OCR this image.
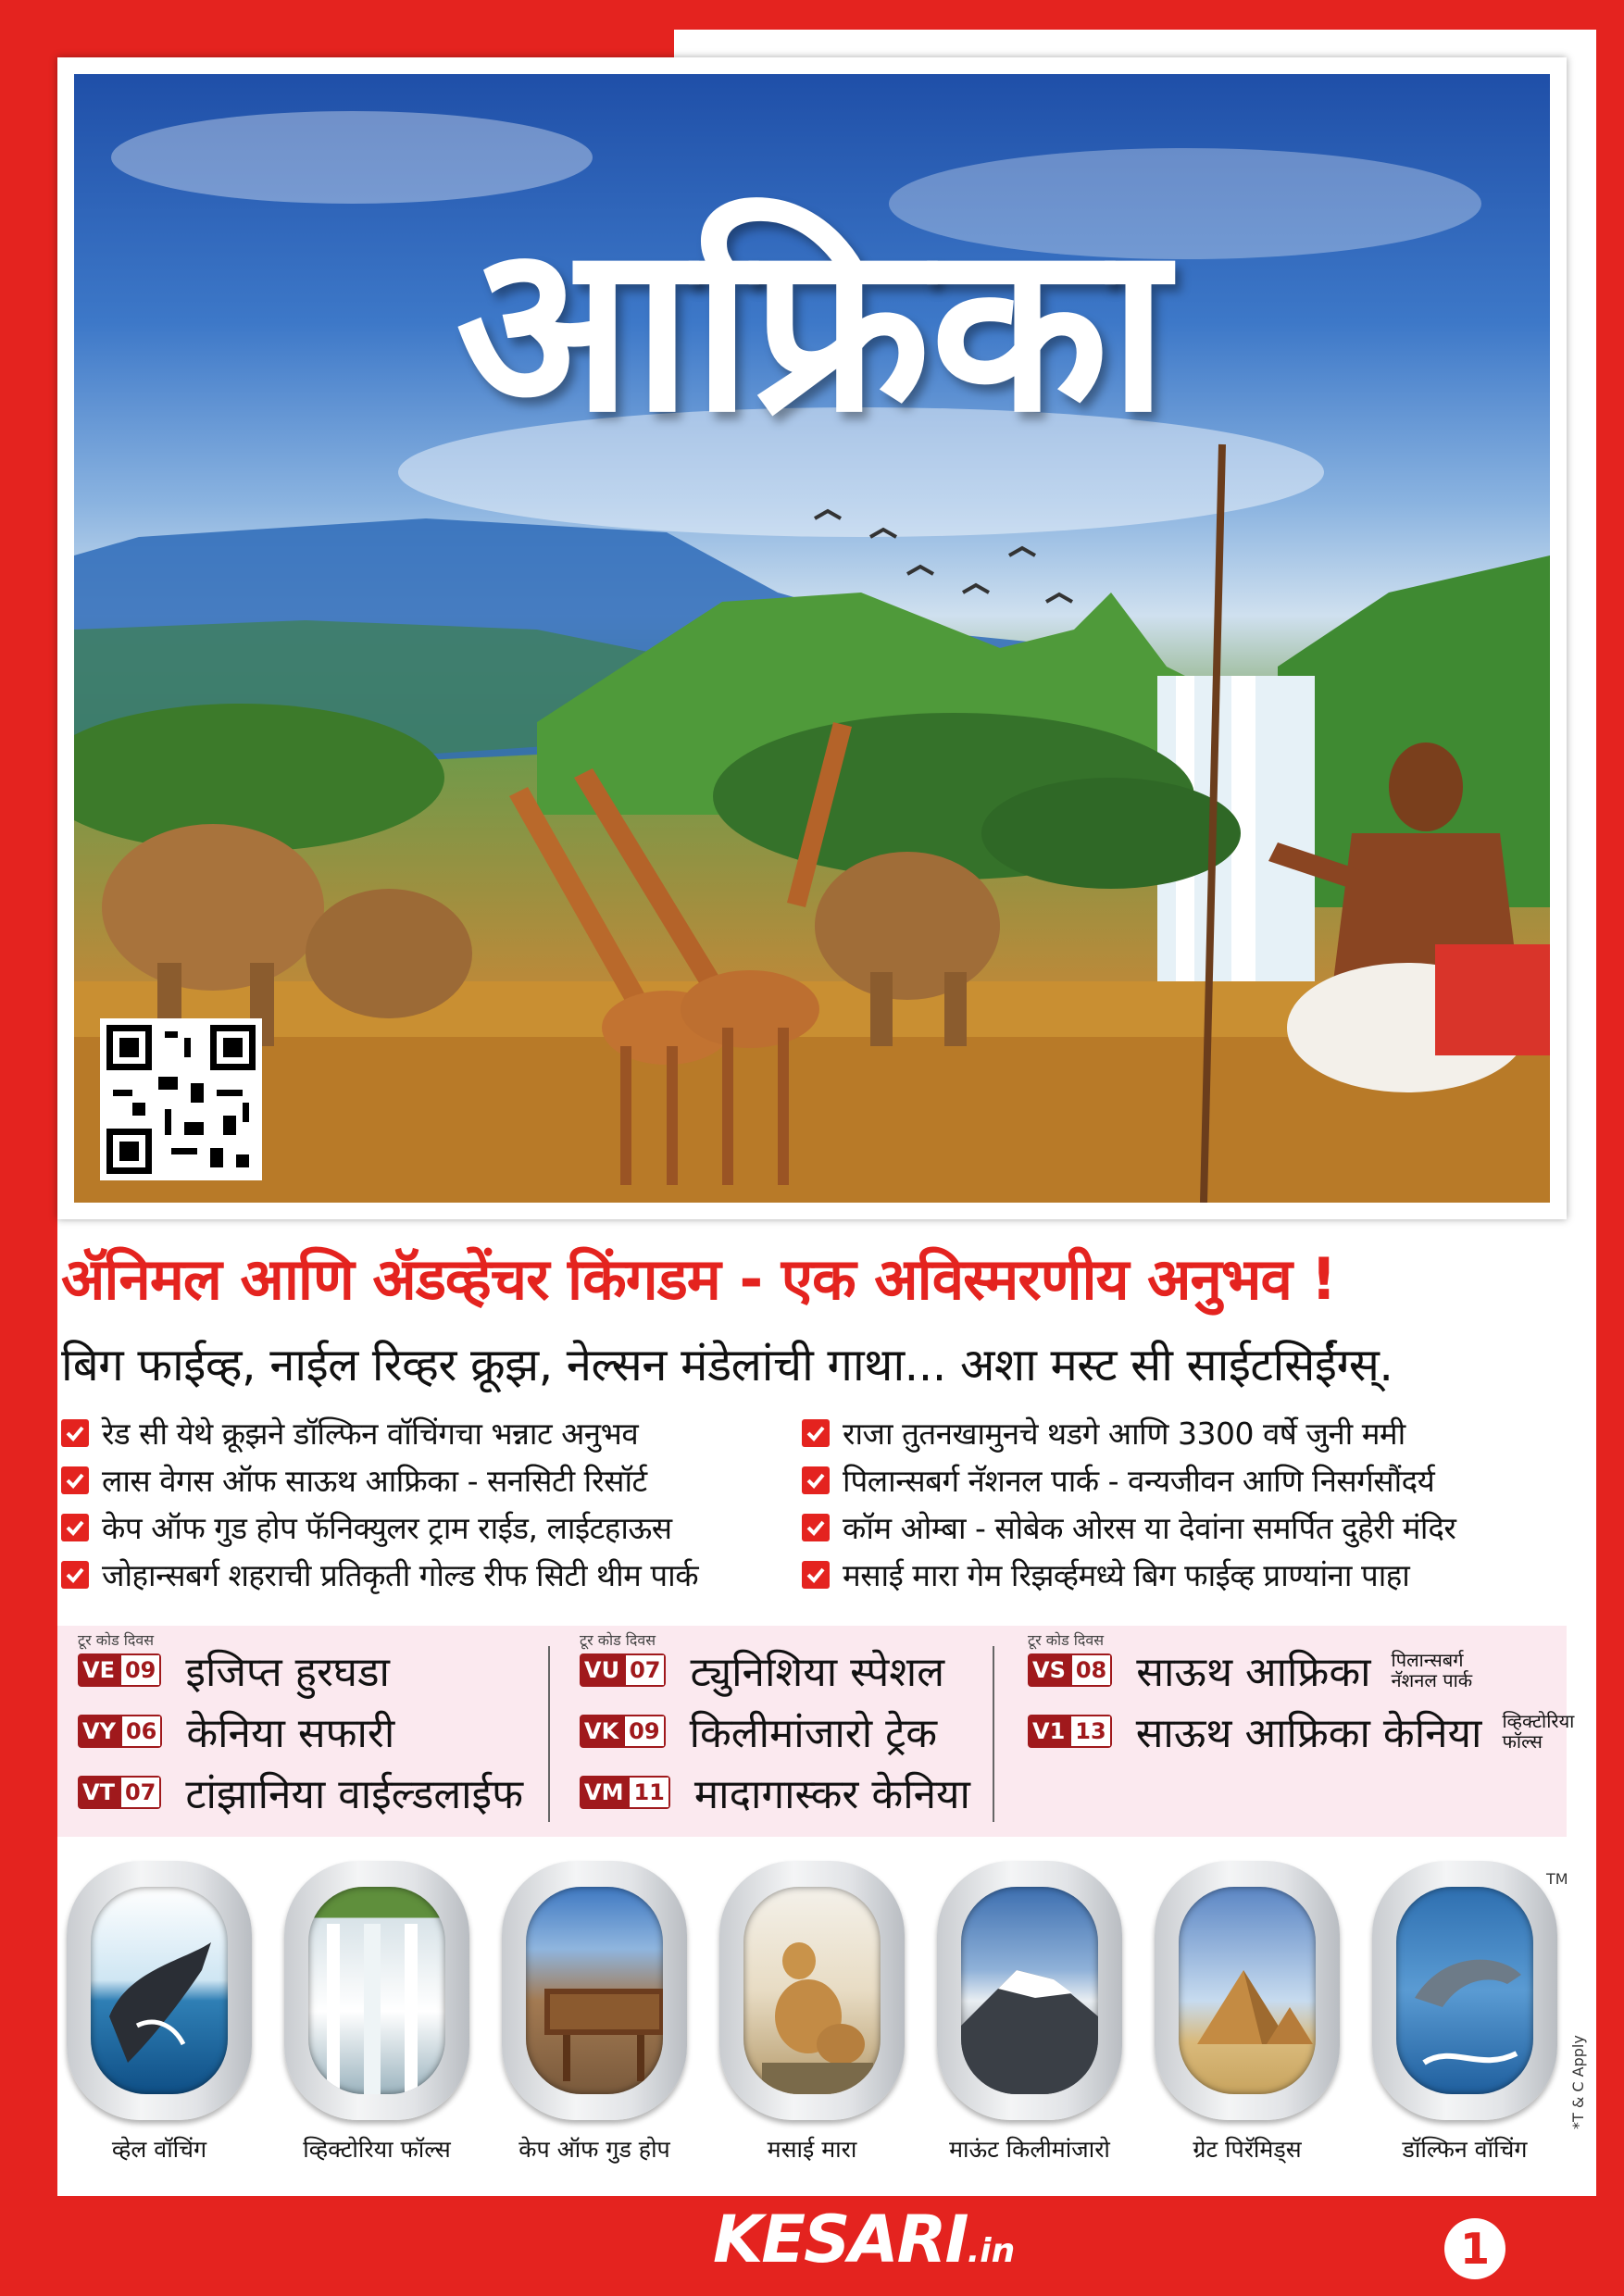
आफ्रिका
ॲनिमल आणि ॲडव्हेंचर किंगडम - एक अविस्मरणीय अनुभव !
बिग फाईव्ह, नाईल रिव्हर क्रूझ, नेल्सन मंडेलांची गाथा... अशा मस्ट सी साईटसिईंग्स्.
रेड सी येथे क्रूझने डॉल्फिन वॉचिंगचा भन्नाट अनुभव
लास वेगस ऑफ साऊथ आफ्रिका - सनसिटी रिसॉर्ट
केप ऑफ गुड होप फॅनिक्युलर ट्राम राईड, लाईटहाऊस
जोहान्सबर्ग शहराची प्रतिकृती गोल्ड रीफ सिटी थीम पार्क
राजा तुतनखामुनचे थडगे आणि 3300 वर्षे जुनी ममी
पिलान्सबर्ग नॅशनल पार्क - वन्यजीवन आणि निसर्गसौंदर्य
कॉम ओम्बा - सोबेक ओरस या देवांना समर्पित दुहेरी मंदिर
मसाई मारा गेम रिझर्व्हमध्ये बिग फाईव्ह प्राण्यांना पाहा
टूर कोड दिवस
VE 09 इजिप्त हुरघडा
VY 06 केनिया सफारी
VT 07 टांझानिया वाईल्डलाईफ
टूर कोड दिवस
VU 07 ट्युनिशिया स्पेशल
VK 09 किलीमांजारो ट्रेक
VM 11 मादागास्कर केनिया
टूर कोड दिवस
VS 08 साऊथ आफ्रिका पिलान्सबर्ग नॅशनल पार्क
V1 13 साऊथ आफ्रिका केनिया व्हिक्टोरिया फॉल्स
व्हेल वॉचिंग	व्हिक्टोरिया फॉल्स	केप ऑफ गुड होप	मसाई मारा	माऊंट किलीमांजारो	ग्रेट पिरॅमिड्स	डॉल्फिन वॉचिंग
TM
*T & C Apply
KESARI .in	1
